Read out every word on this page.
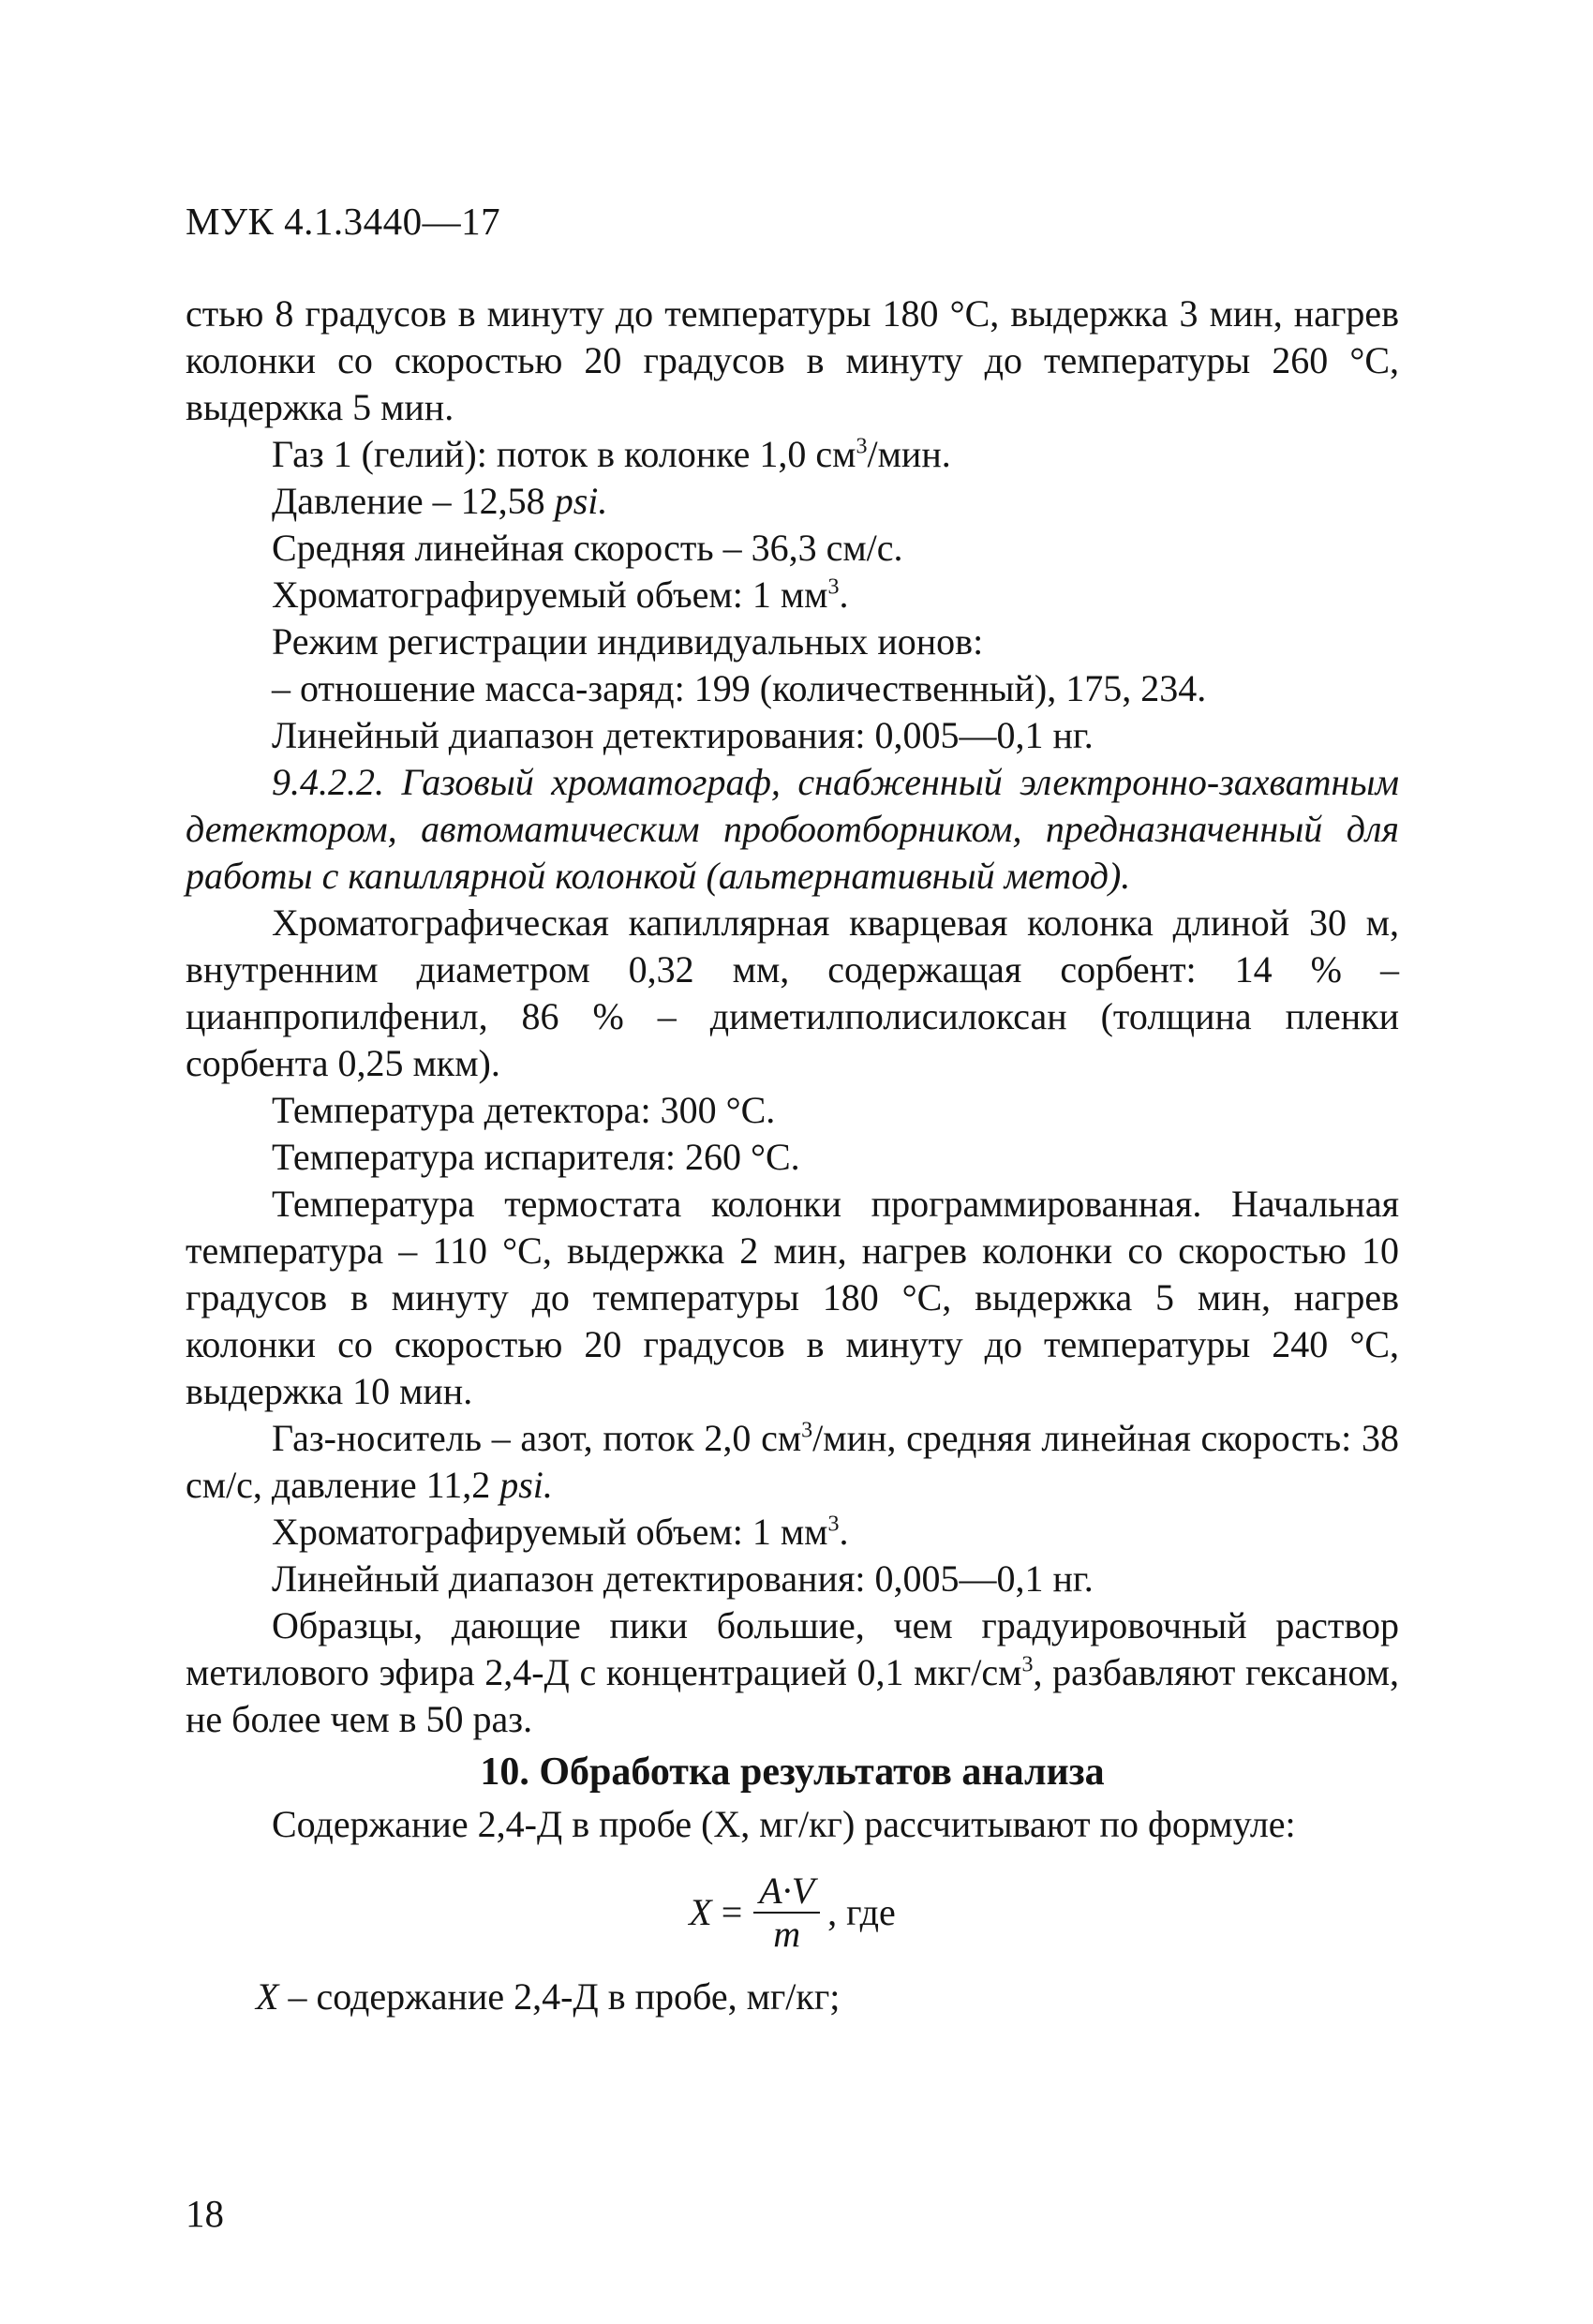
МУК 4.1.3440—17

стью 8 градусов в минуту до температуры 180 °С, выдержка 3 мин, нагрев колонки со скоростью 20 градусов в минуту до температуры 260 °С, выдержка 5 мин.

Газ 1 (гелий): поток в колонке 1,0 $см^3$/мин.

Давление – 12,58 psi.

Средняя линейная скорость – 36,3 см/с.

Хроматографируемый объем: 1 $мм^3$.

Режим регистрации индивидуальных ионов:

– отношение масса-заряд: 199 (количественный), 175, 234.

Линейный диапазон детектирования: 0,005—0,1 нг.

9.4.2.2. Газовый хроматограф, снабженный электронно-захватным детектором, автоматическим пробоотборником, предназначенный для работы с капиллярной колонкой (альтернативный метод).

Хроматографическая капиллярная кварцевая колонка длиной 30 м, внутренним диаметром 0,32 мм, содержащая сорбент: 14 % – цианпропилфенил, 86 % – диметилполисилоксан (толщина пленки сорбента 0,25 мкм).

Температура детектора: 300 °С.

Температура испарителя: 260 °С.

Температура термостата колонки программированная. Начальная температура – 110 °С, выдержка 2 мин, нагрев колонки со скоростью 10 градусов в минуту до температуры 180 °С, выдержка 5 мин, нагрев колонки со скоростью 20 градусов в минуту до температуры 240 °С, выдержка 10 мин.

Газ-носитель – азот, поток 2,0 $см^3$/мин, средняя линейная скорость: 38 см/с, давление 11,2 psi.

Хроматографируемый объем: 1 $мм^3$.

Линейный диапазон детектирования: 0,005—0,1 нг.

Образцы, дающие пики большие, чем градуировочный раствор метилового эфира 2,4-Д с концентрацией 0,1 мкг/$см^3$, разбавляют гексаном, не более чем в 50 раз.

10. Обработка результатов анализа

Содержание 2,4-Д в пробе (X, мг/кг) рассчитывают по формуле:

$X = \frac{A\cdot V}{m}$ , где

X – содержание 2,4-Д в пробе, мг/кг;

18
